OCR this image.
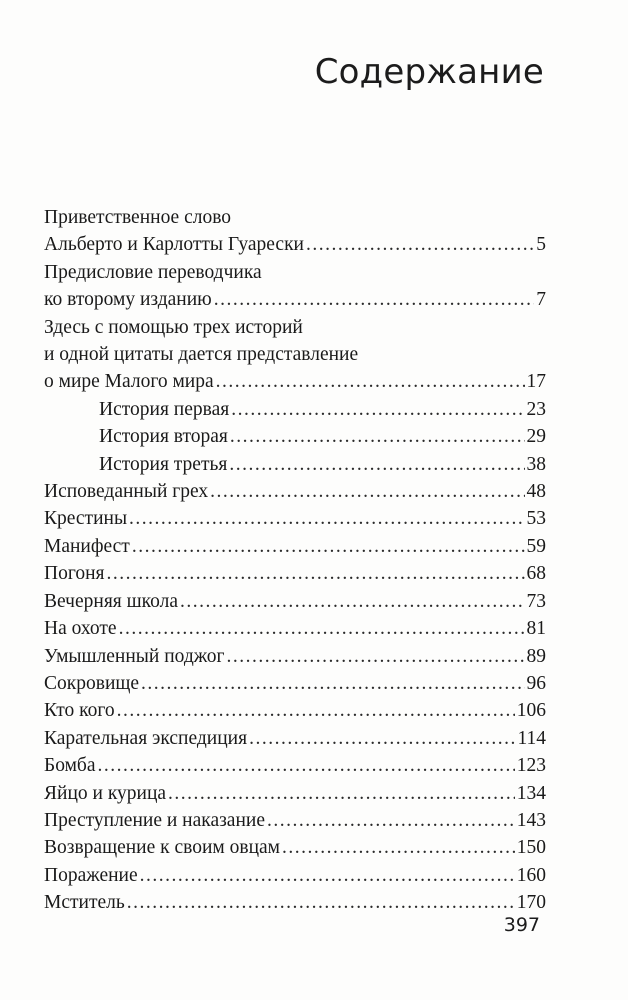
Содержание
Приветственное слово
Альберто и Карлотты Гуарески .....	5
Предисловие переводчика
ко второму изданию .....	7
Здесь с помощью трех историй
и одной цитаты дается представление
о мире Малого мира .....	17
История первая .....	23
История вторая .....	29
История третья .....	38
Исповеданный грех .....	48
Крестины .....	53
Манифест .....	59
Погоня .....	68
Вечерняя школа .....	73
На охоте .....	81
Умышленный поджог .....	89
Сокровище .....	96
Кто кого .....	106
Карательная экспедиция .....	114
Бомба .....	123
Яйцо и курица .....	134
Преступление и наказание .....	143
Возвращение к своим овцам .....	150
Поражение .....	160
Мститель .....	170
397
